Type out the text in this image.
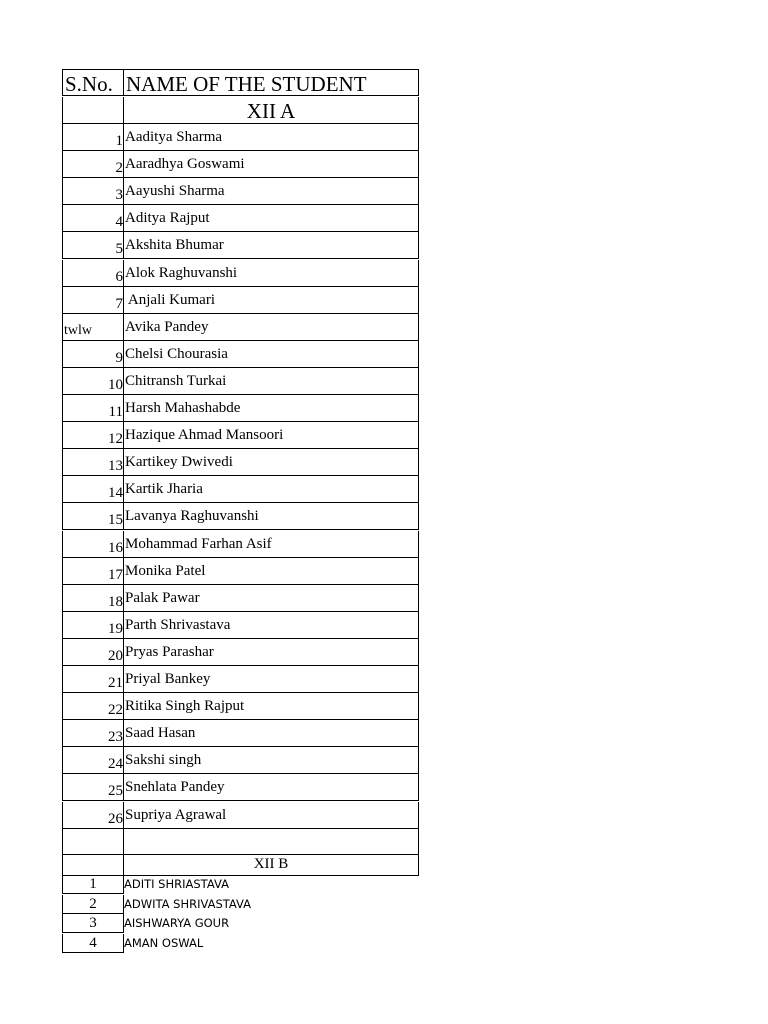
S.No. NAME OF THE STUDENT
XII A
1 Aaditya Sharma
2 Aaradhya Goswami
3 Aayushi Sharma
4 Aditya Rajput
5 Akshita Bhumar
6 Alok Raghuvanshi
7 Anjali Kumari
twlw	Avika Pandey
9 Chelsi Chourasia
10 Chitransh Turkai
11 Harsh Mahashabde
12 Hazique Ahmad Mansoori
13 Kartikey Dwivedi
14 Kartik Jharia
15 Lavanya Raghuvanshi
16 Mohammad Farhan Asif
17 Monika Patel
18 Palak Pawar
19 Parth Shrivastava
20 Pryas Parashar
21 Priyal Bankey
22 Ritika Singh Rajput
23 Saad Hasan
24 Sakshi singh
25 Snehlata Pandey
26 Supriya Agrawal
XII B
1	ADITI SHRIASTAVA
2	ADWITA SHRIVASTAVA
3	AISHWARYA GOUR
4	AMAN OSWAL
